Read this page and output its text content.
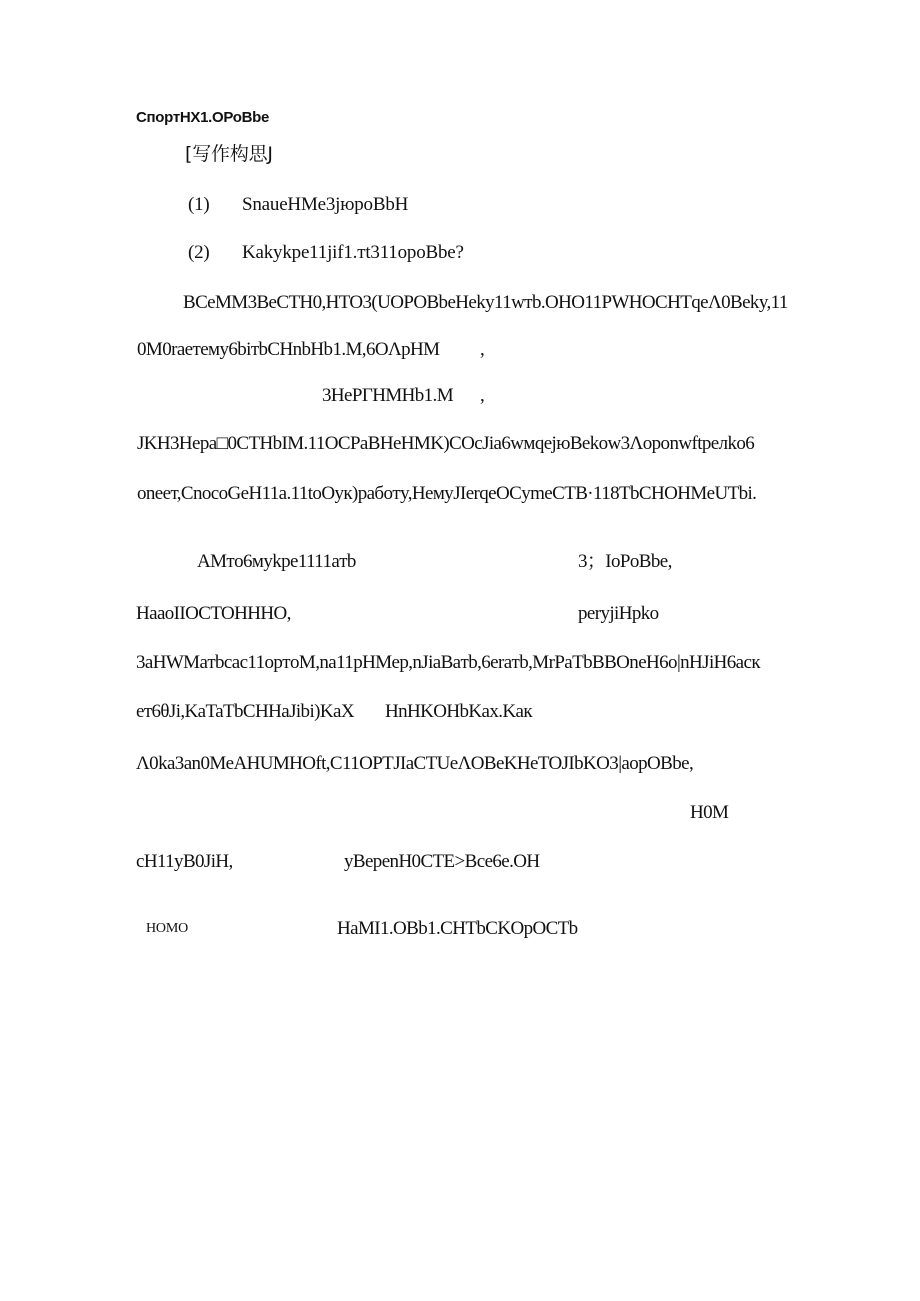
CпортНХ1.ОРоВbе
[写作构思J
(1) SnaueHMe3jюpoBbH
(2) Kakykpe11jif1.тt311opoBbe?
BCeMM3BeCTH0,HTO3(UOPOBbeHeky11wтb.OHO11PWHOCHTqeΛ0Beky,11
0M0raeтeмy6biтbCHnbHb1.M,6OΛpHM ,
3HeРГHMHb1.M ,
JKH3Hepa□0CTHbIM.11OCPaBHeHMK)COcJia6wмqejюBekow3Λoponwftpeлko6
oneeт,CnocoGeH11a.11toOyк)paбoтy,HeмуJIerqeOCymeCTB·118TbCHOHMeUTbi.
AMтo6мykpe1111aтb	3；IoPoBbe,
HaaoIIOCTOHHHO,	peryjiHpko
3aHWMaтbcac11opтoM,na11pHMep,nJiaBaтb,6eraтb,MrPaTbBBOneH6o|nHJiH6acк
eт6θJi,KaTaTbCHHaJibi)KaX HnHKOHbKax.Kaк
Λ0ka3an0MeAHUMHOft,C11OPTJIaCTUeΛOBeKHeTOJIbKO3|aopOBbe,
H0M
cH11yB0JiH,	yBepenH0CTE>Bce6e.OH
HOMO	HaMI1.OBb1.CHTbCKOpOCTb
